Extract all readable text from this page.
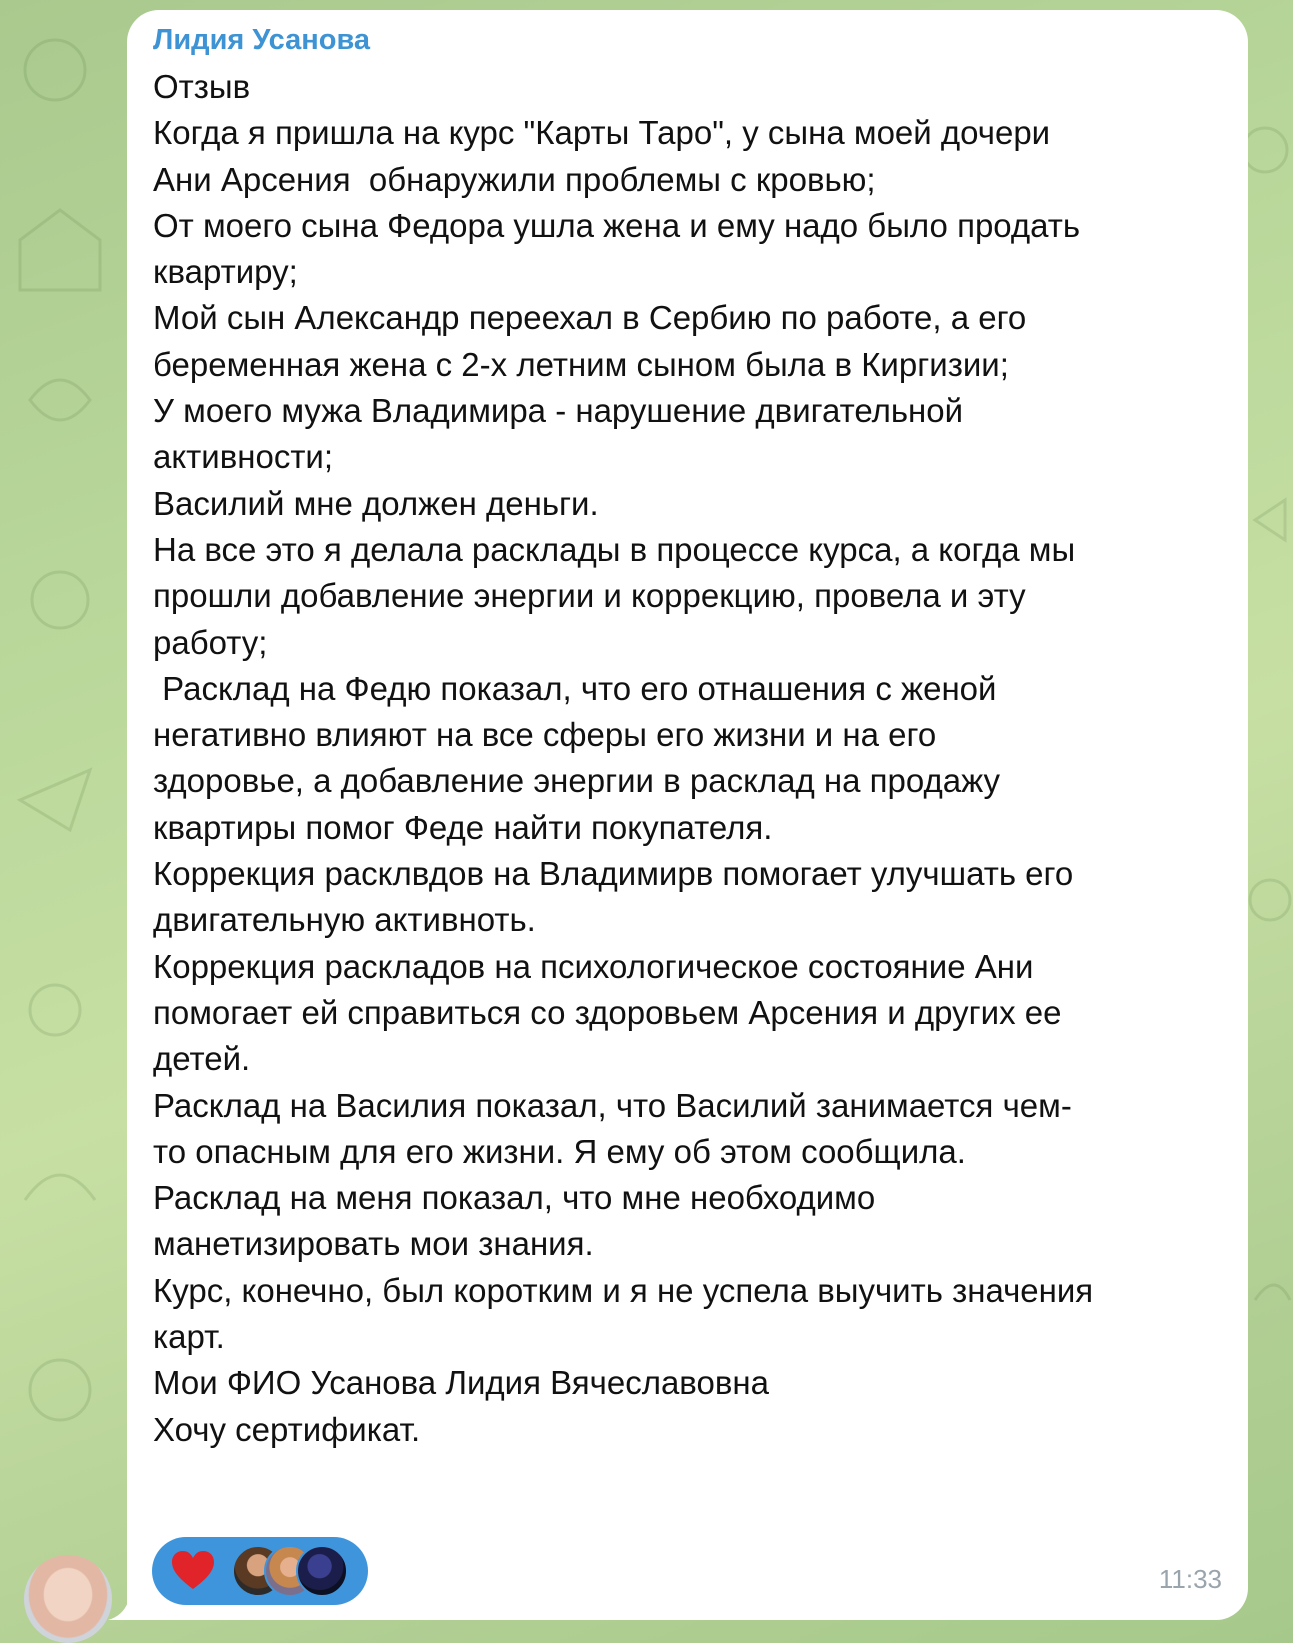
Лидия Усанова

Отзыв
Когда я пришла на курс "Карты Таро", у сына моей дочери
Ани Арсения  обнаружили проблемы с кровью;
От моего сына Федора ушла жена и ему надо было продать
квартиру;
Мой сын Александр переехал в Сербию по работе, а его
беременная жена с 2-х летним сыном была в Киргизии;
У моего мужа Владимира - нарушение двигательной
активности;
Василий мне должен деньги.
На все это я делала расклады в процессе курса, а когда мы
прошли добавление энергии и коррекцию, провела и эту
работу;
Расклад на Федю показал, что его отнашения с женой
негативно влияют на все сферы его жизни и на его
здоровье, а добавление энергии в расклад на продажу
квартиры помог Феде найти покупателя.
Коррекция расклвдов на Владимирв помогает улучшать его
двигательную активноть.
Коррекция раскладов на психологическое состояние Ани
помогает ей справиться со здоровьем Арсения и других ее
детей.
Расклад на Василия показал, что Василий занимается чем-
то опасным для его жизни. Я ему об этом сообщила.
Расклад на меня показал, что мне необходимо
манетизировать мои знания.
Курс, конечно, был коротким и я не успела выучить значения
карт.
Мои ФИО Усанова Лидия Вячеславовна
Хочу сертификат.

11:33
